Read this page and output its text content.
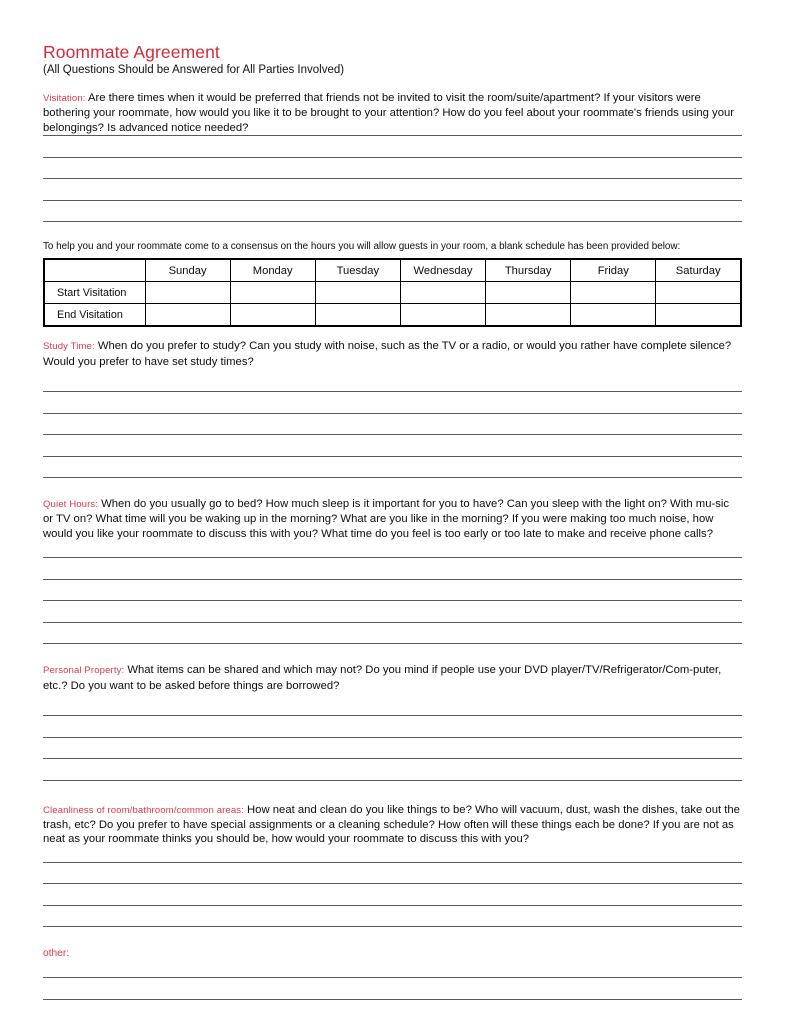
Roommate Agreement
(All Questions Should be Answered for All Parties Involved)

Visitation: Are there times when it would be preferred that friends not be invited to visit the room/suite/apartment? If your visitors were bothering your roommate, how would you like it to be brought to your attention? How do you feel about your roommate's friends using your belongings? Is advanced notice needed?

To help you and your roommate come to a consensus on the hours you will allow guests in your room, a blank schedule has been provided below:

	Sunday	Monday	Tuesday	Wednesday	Thursday	Friday	Saturday
Start Visitation							
End Visitation							

Study Time: When do you prefer to study? Can you study with noise, such as the TV or a radio, or would you rather have complete silence? Would you prefer to have set study times?

Quiet Hours: When do you usually go to bed? How much sleep is it important for you to have? Can you sleep with the light on? With mu-sic or TV on? What time will you be waking up in the morning? What are you like in the morning? If you were making too much noise, how would you like your roommate to discuss this with you? What time do you feel is too early or too late to make and receive phone calls?

Personal Property: What items can be shared and which may not? Do you mind if people use your DVD player/TV/Refrigerator/Com-puter, etc.? Do you want to be asked before things are borrowed?

Cleanliness of room/bathroom/common areas: How neat and clean do you like things to be? Who will vacuum, dust, wash the dishes, take out the trash, etc? Do you prefer to have special assignments or a cleaning schedule? How often will these things each be done? If you are not as neat as your roommate thinks you should be, how would your roommate to discuss this with you?

other:
